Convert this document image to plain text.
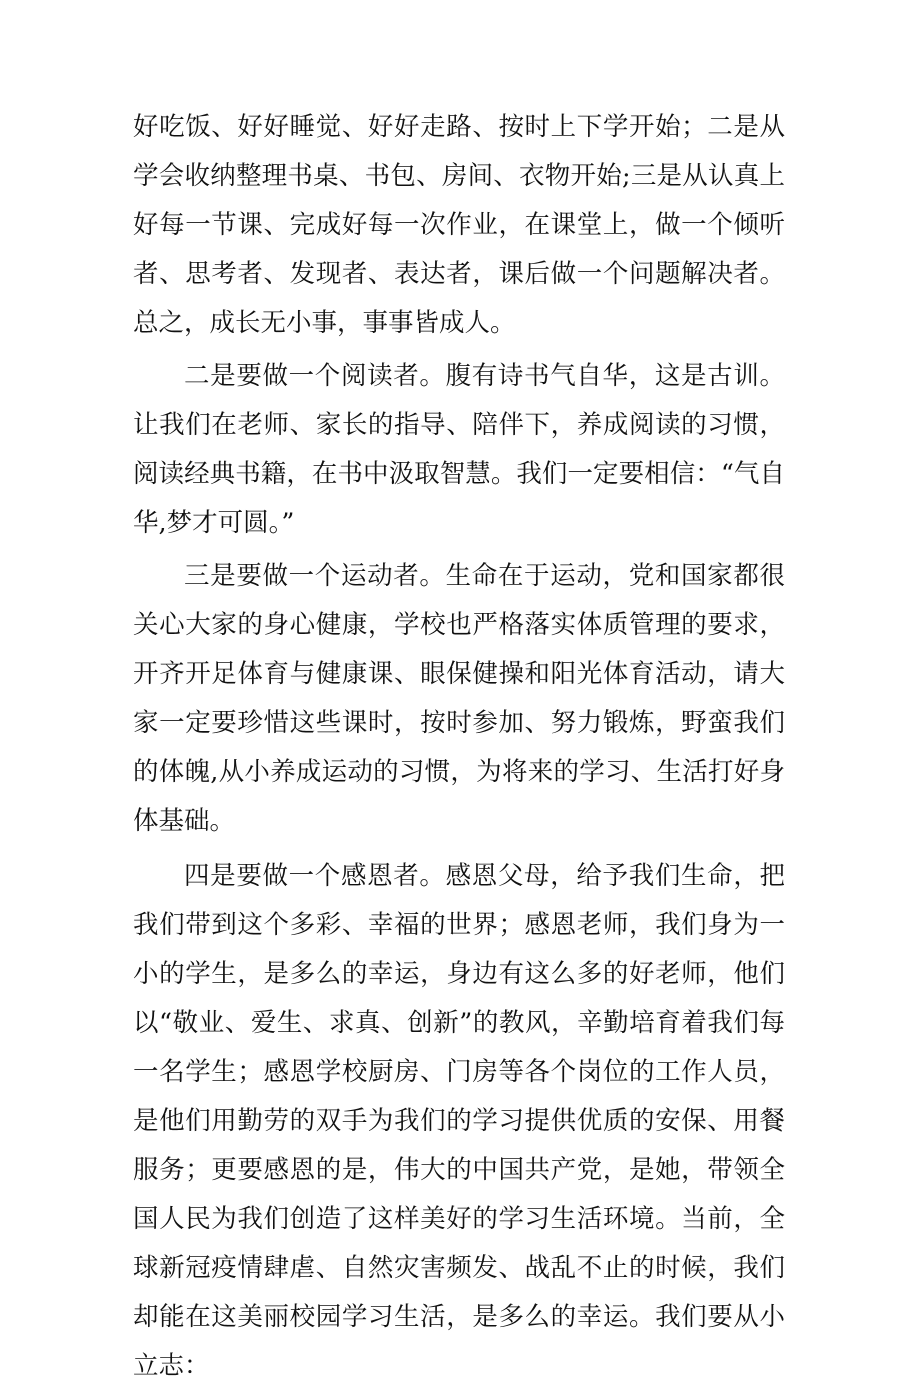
好吃饭、好好睡觉、好好走路、按时上下学开始；二是从学会收纳整理书桌、书包、房间、衣物开始;三是从认真上好每一节课、完成好每一次作业，在课堂上，做一个倾听者、思考者、发现者、表达者，课后做一个问题解决者。总之，成长无小事，事事皆成人。

二是要做一个阅读者。腹有诗书气自华，这是古训。让我们在老师、家长的指导、陪伴下，养成阅读的习惯，阅读经典书籍，在书中汲取智慧。我们一定要相信：“气自华,梦才可圆。”

三是要做一个运动者。生命在于运动，党和国家都很关心大家的身心健康，学校也严格落实体质管理的要求，开齐开足体育与健康课、眼保健操和阳光体育活动，请大家一定要珍惜这些课时，按时参加、努力锻炼，野蛮我们的体魄,从小养成运动的习惯，为将来的学习、生活打好身体基础。

四是要做一个感恩者。感恩父母，给予我们生命，把我们带到这个多彩、幸福的世界；感恩老师，我们身为一小的学生，是多么的幸运，身边有这么多的好老师，他们以“敬业、爱生、求真、创新”的教风，辛勤培育着我们每一名学生；感恩学校厨房、门房等各个岗位的工作人员，是他们用勤劳的双手为我们的学习提供优质的安保、用餐服务；更要感恩的是，伟大的中国共产党，是她，带领全国人民为我们创造了这样美好的学习生活环境。当前，全球新冠疫情肆虐、自然灾害频发、战乱不止的时候，我们却能在这美丽校园学习生活，是多么的幸运。我们要从小立志：
